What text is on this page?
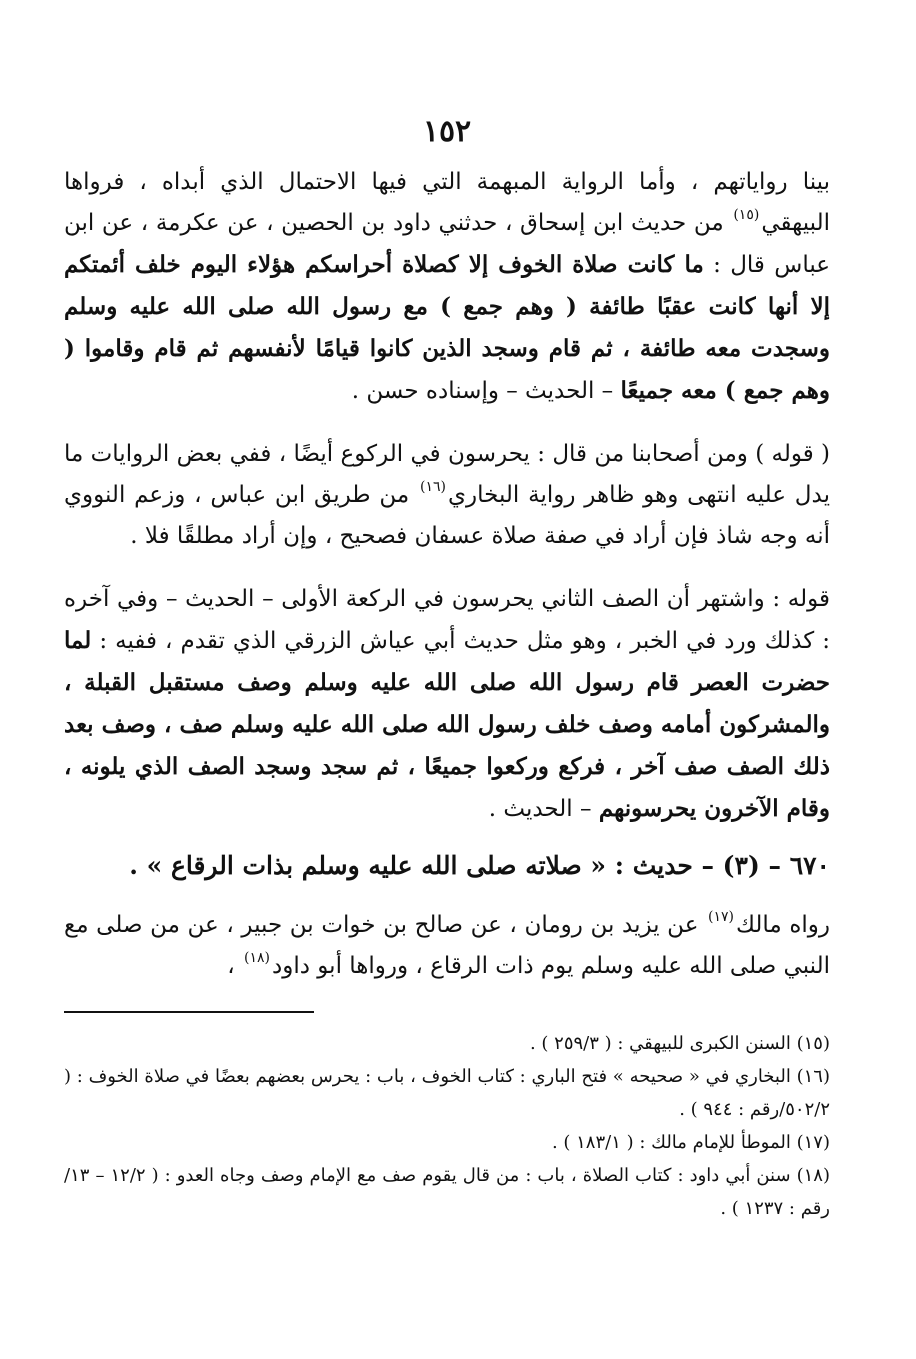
١٥٢

بينا رواياتهم ، وأما الرواية المبهمة التي فيها الاحتمال الذي أبداه ، فرواها البيهقي$^{(١٥)}$ من حديث ابن إسحاق ، حدثني داود بن الحصين ، عن عكرمة ، عن ابن عباس قال : ما كانت صلاة الخوف إلا كصلاة أحراسكم هؤلاء اليوم خلف أئمتكم إلا أنها كانت عقبًا طائفة ( وهم جمع ) مع رسول الله صلى الله عليه وسلم وسجدت معه طائفة ، ثم قام وسجد الذين كانوا قيامًا لأنفسهم ثم قام وقاموا ( وهم جمع ) معه جميعًا – الحديث – وإسناده حسن .

( قوله ) ومن أصحابنا من قال : يحرسون في الركوع أيضًا ، ففي بعض الروايات ما يدل عليه انتهى وهو ظاهر رواية البخاري$^{(١٦)}$ من طريق ابن عباس ، وزعم النووي أنه وجه شاذ فإن أراد في صفة صلاة عسفان فصحيح ، وإن أراد مطلقًا فلا .

قوله : واشتهر أن الصف الثاني يحرسون في الركعة الأولى – الحديث – وفي آخره : كذلك ورد في الخبر ، وهو مثل حديث أبي عياش الزرقي الذي تقدم ، ففيه : لما حضرت العصر قام رسول الله صلى الله عليه وسلم وصف مستقبل القبلة ، والمشركون أمامه وصف خلف رسول الله صلى الله عليه وسلم صف ، وصف بعد ذلك الصف صف آخر ، فركع وركعوا جميعًا ، ثم سجد وسجد الصف الذي يلونه ، وقام الآخرون يحرسونهم – الحديث .

٦٧٠ – (٣) – حديث : « صلاته صلى الله عليه وسلم بذات الرقاع » .

رواه مالك$^{(١٧)}$ عن يزيد بن رومان ، عن صالح بن خوات بن جبير ، عن من صلى مع النبي صلى الله عليه وسلم يوم ذات الرقاع ، ورواها أبو داود$^{(١٨)}$ ،

(١٥) السنن الكبرى للبيهقي : ( ٢٥٩/٣ ) .

(١٦) البخاري في « صحيحه » فتح الباري : كتاب الخوف ، باب : يحرس بعضهم بعضًا في صلاة الخوف : ( ٥٠٢/٢/رقم : ٩٤٤ ) .

(١٧) الموطأ للإمام مالك : ( ١٨٣/١ ) .

(١٨) سنن أبي داود : كتاب الصلاة ، باب : من قال يقوم صف مع الإمام وصف وجاه العدو : ( ١٢/٢ – ١٣/رقم : ١٢٣٧ ) .
